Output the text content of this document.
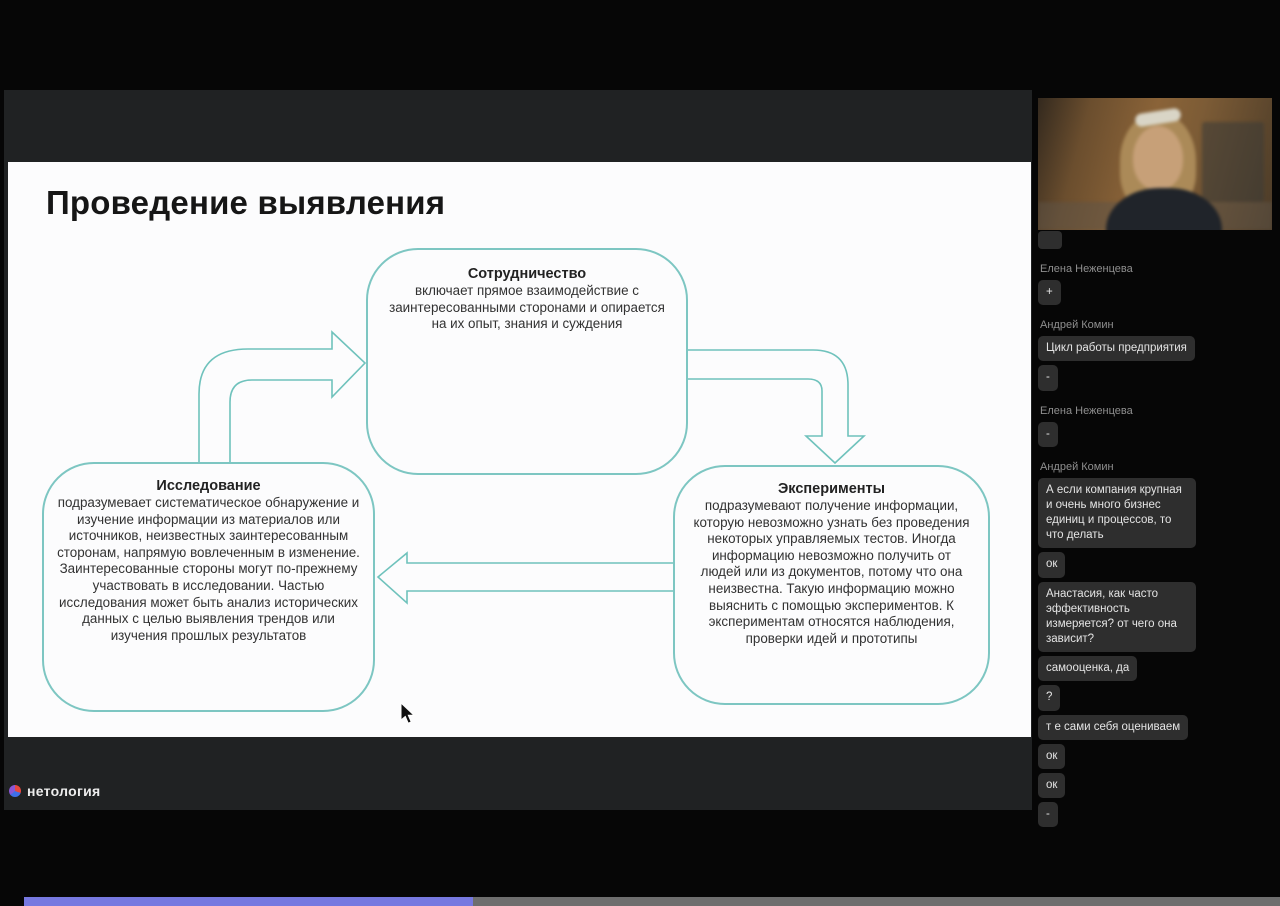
Проведение выявления
Сотрудничество
включает прямое взаимодействие с заинтересованными сторонами и опирается на их опыт, знания и суждения
Исследование
подразумевает систематическое обнаружение и изучение информации из материалов или источников, неизвестных заинтересованным сторонам, напрямую вовлеченным в изменение. Заинтересованные стороны могут по-прежнему участвовать в исследовании. Частью исследования может быть анализ исторических данных с целью выявления трендов или изучения прошлых результатов
Эксперименты
подразумевают получение информации, которую невозможно узнать без проведения некоторых управляемых тестов. Иногда информацию невозможно получить от людей или из документов, потому что она неизвестна. Такую информацию можно выяснить с помощью экспериментов. К экспериментам относятся наблюдения, проверки идей и прототипы
нетология
Елена Неженцева
+
Андрей Комин
Цикл работы предприятия
-
Елена Неженцева
-
Андрей Комин
А если компания крупная и очень много бизнес единиц и процессов, то что делать
ок
Анастасия, как часто эффективность измеряется? от чего она зависит?
самооценка, да
?
т е сами себя оцениваем
ок
ок
-
